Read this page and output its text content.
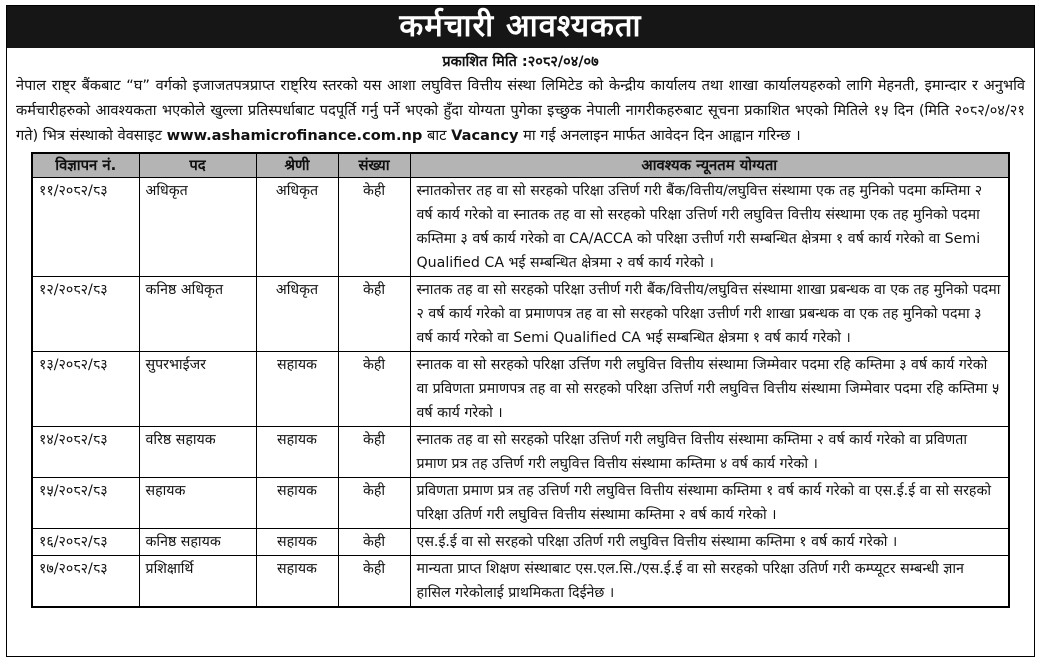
कर्मचारी आवश्यकता
प्रकाशित मिति :२०८२/०४/०७
नेपाल राष्ट्र बैंकबाट “घ” वर्गको इजाजतपत्रप्राप्त राष्ट्रिय स्तरको यस आशा लघुवित्त वित्तीय संस्था लिमिटेड को केन्द्रीय कार्यालय तथा शाखा कार्यालयहरुको लागि मेहनती, इमान्दार र अनुभवि कर्मचारीहरुको आवश्यकता भएकोले खुल्ला प्रतिस्पर्धाबाट पदपूर्ति गर्नु पर्ने भएको हुँदा योग्यता पुगेका इच्छुक नेपाली नागरीकहरुबाट सूचना प्रकाशित भएको मितिले १५ दिन (मिति २०८२/०४/२१ गते) भित्र संस्थाको वेवसाइट www.ashamicrofinance.com.np बाट Vacancy मा गई अनलाइन मार्फत आवेदन दिन आह्वान गरिन्छ ।
विज्ञापन नं.	पद	श्रेणी	संख्या	आवश्यक न्यूनतम योग्यता
११/२०८२/८३	अधिकृत	अधिकृत	केही	स्नातकोत्तर तह वा सो सरहको परिक्षा उत्तिर्ण गरी बैंक/वित्तीय/लघुवित्त संस्थामा एक तह मुनिको पदमा कम्तिमा २ वर्ष कार्य गरेको वा स्नातक तह वा सो सरहको परिक्षा उत्तिर्ण गरी लघुवित्त वित्तीय संस्थामा एक तह मुनिको पदमा कम्तिमा ३ वर्ष कार्य गरेको वा CA/ACCA को परिक्षा उत्तीर्ण गरी सम्बन्धित क्षेत्रमा १ वर्ष कार्य गरेको वा Semi Qualified CA भई सम्बन्धित क्षेत्रमा २ वर्ष कार्य गरेको ।
१२/२०८२/८३	कनिष्ठ अधिकृत	अधिकृत	केही	स्नातक तह वा सो सरहको परिक्षा उत्तीर्ण गरी बैंक/वित्तीय/लघुवित्त संस्थामा शाखा प्रबन्धक वा एक तह मुनिको पदमा २ वर्ष कार्य गरेको वा प्रमाणपत्र तह वा सो सरहको परिक्षा उत्तीर्ण गरी शाखा प्रबन्धक वा एक तह मुनिको पदमा ३ वर्ष कार्य गरेको वा Semi Qualified CA भई सम्बन्धित क्षेत्रमा १ वर्ष कार्य गरेको ।
१३/२०८२/८३	सुपरभाईजर	सहायक	केही	स्नातक वा सो सरहको परिक्षा उर्त्तिण गरी लघुवित्त वित्तीय संस्थामा जिम्मेवार पदमा रहि कम्तिमा ३ वर्ष कार्य गरेको वा प्रविणता प्रमाणपत्र तह वा सो सरहको परिक्षा उत्तिर्ण गरी लघुवित्त वित्तीय संस्थामा जिम्मेवार पदमा रहि कम्तिमा ५ वर्ष कार्य गरेको ।
१४/२०८२/८३	वरिष्ठ सहायक	सहायक	केही	स्नातक तह वा सो सरहको परिक्षा उत्तिर्ण गरी लघुवित्त वित्तीय संस्थामा कम्तिमा २ वर्ष कार्य गरेको वा प्रविणता प्रमाण प्रत्र तह उत्तिर्ण गरी लघुवित्त वित्तीय संस्थामा कम्तिमा ४ वर्ष कार्य गरेको ।
१५/२०८२/८३	सहायक	सहायक	केही	प्रविणता प्रमाण प्रत्र तह उत्तिर्ण गरी लघुवित्त वित्तीय संस्थामा कम्तिमा १ वर्ष कार्य गरेको वा एस.ई.ई वा सो सरहको परिक्षा उतिर्ण गरी लघुवित्त वित्तीय संस्थामा कम्तिमा २ वर्ष कार्य गरेको ।
१६/२०८२/८३	कनिष्ठ सहायक	सहायक	केही	एस.ई.ई वा सो सरहको परिक्षा उतिर्ण गरी लघुवित्त वित्तीय संस्थामा कम्तिमा १ वर्ष कार्य गरेको ।
१७/२०८२/८३	प्रशिक्षार्थि	सहायक	केही	मान्यता प्राप्त शिक्षण संस्थाबाट एस.एल.सि./एस.ई.ई वा सो सरहको परिक्षा उतिर्ण गरी कम्प्यूटर सम्बन्धी ज्ञान हासिल गरेकोलाई प्राथमिकता दिईनेछ ।
